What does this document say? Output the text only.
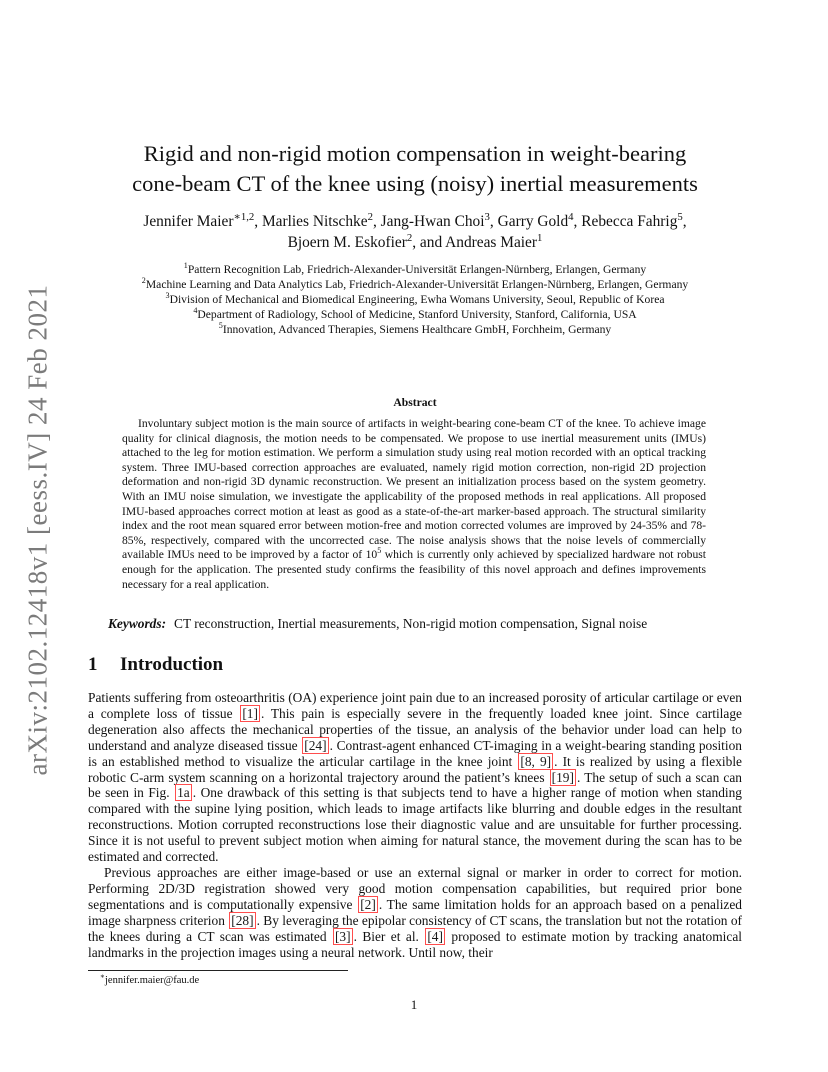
arXiv:2102.12418v1 [eess.IV] 24 Feb 2021
Rigid and non-rigid motion compensation in weight-bearing
cone-beam CT of the knee using (noisy) inertial measurements
Jennifer Maier$^{∗1,2}$, Marlies Nitschke$^2$, Jang-Hwan Choi$^3$, Garry Gold$^4$, Rebecca Fahrig$^5$,
Bjoern M. Eskofier$^2$, and Andreas Maier$^1$
$^1$Pattern Recognition Lab, Friedrich-Alexander-Universität Erlangen-Nürnberg, Erlangen, Germany
$^2$Machine Learning and Data Analytics Lab, Friedrich-Alexander-Universität Erlangen-Nürnberg, Erlangen, Germany
$^3$Division of Mechanical and Biomedical Engineering, Ewha Womans University, Seoul, Republic of Korea
$^4$Department of Radiology, School of Medicine, Stanford University, Stanford, California, USA
$^5$Innovation, Advanced Therapies, Siemens Healthcare GmbH, Forchheim, Germany
Abstract

Involuntary subject motion is the main source of artifacts in weight-bearing cone-beam CT of the knee. To achieve image quality for clinical diagnosis, the motion needs to be compensated. We propose to use inertial measurement units (IMUs) attached to the leg for motion estimation. We perform a simulation study using real motion recorded with an optical tracking system. Three IMU-based correction approaches are evaluated, namely rigid motion correction, non-rigid 2D projection deformation and non-rigid 3D dynamic reconstruction. We present an initialization process based on the system geometry. With an IMU noise simulation, we investigate the applicability of the proposed methods in real applications. All proposed IMU-based approaches correct motion at least as good as a state-of-the-art marker-based approach. The structural similarity index and the root mean squared error between motion-free and motion corrected volumes are improved by 24-35% and 78-85%, respectively, compared with the uncorrected case. The noise analysis shows that the noise levels of commercially available IMUs need to be improved by a factor of $10^5$ which is currently only achieved by specialized hardware not robust enough for the application. The presented study confirms the feasibility of this novel approach and defines improvements necessary for a real application.

Keywords: CT reconstruction, Inertial measurements, Non-rigid motion compensation, Signal noise
1 Introduction

Patients suffering from osteoarthritis (OA) experience joint pain due to an increased porosity of articular cartilage or even a complete loss of tissue [1] . This pain is especially severe in the frequently loaded knee joint. Since cartilage degeneration also affects the mechanical properties of the tissue, an analysis of the behavior under load can help to understand and analyze diseased tissue [24] . Contrast-agent enhanced CT-imaging in a weight-bearing standing position is an established method to visualize the articular cartilage in the knee joint [8, 9] . It is realized by using a flexible robotic C-arm system scanning on a horizontal trajectory around the patient’s knees [19] . The setup of such a scan can be seen in Fig. 1a . One drawback of this setting is that subjects tend to have a higher range of motion when standing compared with the supine lying position, which leads to image artifacts like blurring and double edges in the resultant reconstructions. Motion corrupted reconstructions lose their diagnostic value and are unsuitable for further processing. Since it is not useful to prevent subject motion when aiming for natural stance, the movement during the scan has to be estimated and corrected.

Previous approaches are either image-based or use an external signal or marker in order to correct for motion. Performing 2D/3D registration showed very good motion compensation capabilities, but required prior bone segmentations and is computationally expensive [2] . The same limitation holds for an approach based on a penalized image sharpness criterion [28] . By leveraging the epipolar consistency of CT scans, the translation but not the rotation of the knees during a CT scan was estimated [3] . Bier et al. [4] proposed to estimate motion by tracking anatomical landmarks in the projection images using a neural network. Until now, their

∗jennifer.maier@fau.de
1
